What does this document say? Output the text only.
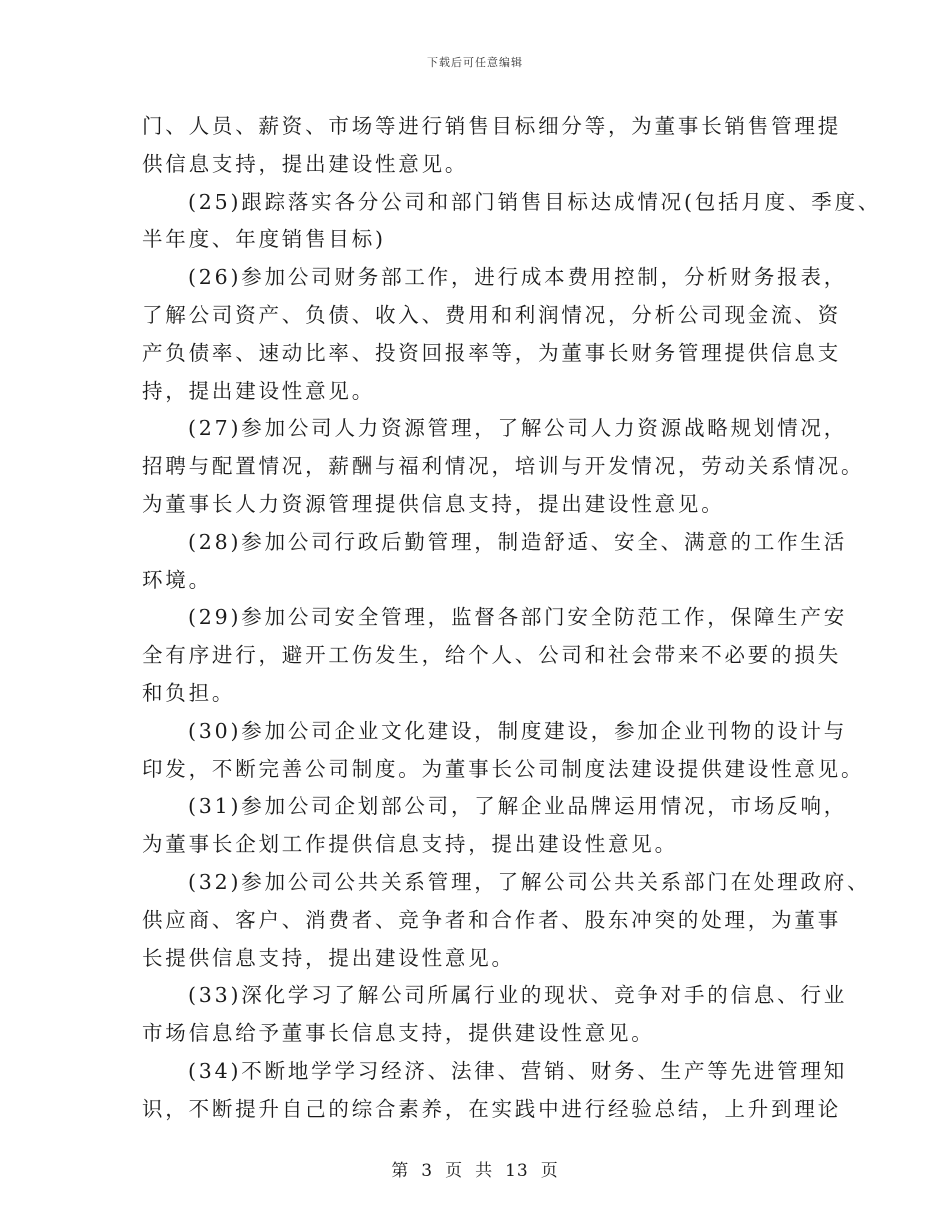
下载后可任意编辑

门、人员、薪资、市场等进行销售目标细分等，为董事长销售管理提

供信息支持，提出建设性意见。

(25)跟踪落实各分公司和部门销售目标达成情况(包括月度、季度、

半年度、年度销售目标)

(26)参加公司财务部工作，进行成本费用控制，分析财务报表，

了解公司资产、负债、收入、费用和利润情况，分析公司现金流、资

产负债率、速动比率、投资回报率等，为董事长财务管理提供信息支

持，提出建设性意见。

(27)参加公司人力资源管理，了解公司人力资源战略规划情况，

招聘与配置情况，薪酬与福利情况，培训与开发情况，劳动关系情况。

为董事长人力资源管理提供信息支持，提出建设性意见。

(28)参加公司行政后勤管理，制造舒适、安全、满意的工作生活

环境。

(29)参加公司安全管理，监督各部门安全防范工作，保障生产安

全有序进行，避开工伤发生，给个人、公司和社会带来不必要的损失

和负担。

(30)参加公司企业文化建设，制度建设，参加企业刊物的设计与

印发，不断完善公司制度。为董事长公司制度法建设提供建设性意见。

(31)参加公司企划部公司，了解企业品牌运用情况，市场反响，

为董事长企划工作提供信息支持，提出建设性意见。

(32)参加公司公共关系管理，了解公司公共关系部门在处理政府、

供应商、客户、消费者、竞争者和合作者、股东冲突的处理，为董事

长提供信息支持，提出建设性意见。

(33)深化学习了解公司所属行业的现状、竞争对手的信息、行业

市场信息给予董事长信息支持，提供建设性意见。

(34)不断地学学习经济、法律、营销、财务、生产等先进管理知

识，不断提升自己的综合素养，在实践中进行经验总结，上升到理论

第 3 页 共 13 页
